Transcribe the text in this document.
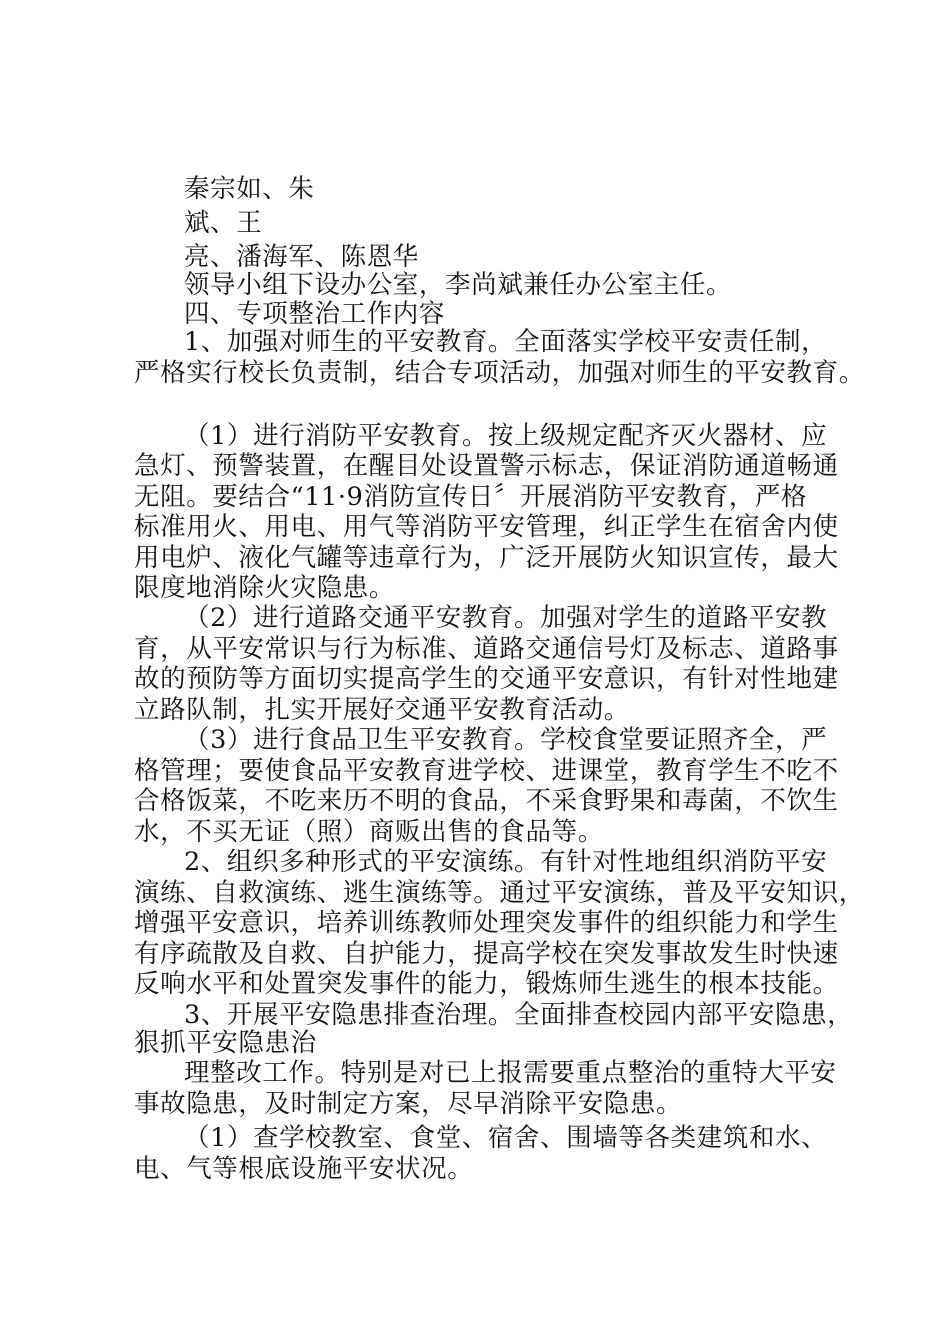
秦宗如、朱
斌、王
亮、潘海军、陈恩华
领导小组下设办公室，李尚斌兼任办公室主任。
四、专项整治工作内容
1、加强对师生的平安教育。全面落实学校平安责任制，
严格实行校长负责制，结合专项活动，加强对师生的平安教育。
（1）进行消防平安教育。按上级规定配齐灭火器材、应
急灯、预警装置，在醒目处设置警示标志，保证消防通道畅通
无阻。要结合“11·9消防宣传日〞开展消防平安教育，严格
标准用火、用电、用气等消防平安管理，纠正学生在宿舍内使
用电炉、液化气罐等违章行为，广泛开展防火知识宣传，最大
限度地消除火灾隐患。
（2）进行道路交通平安教育。加强对学生的道路平安教
育，从平安常识与行为标准、道路交通信号灯及标志、道路事
故的预防等方面切实提高学生的交通平安意识，有针对性地建
立路队制，扎实开展好交通平安教育活动。
（3）进行食品卫生平安教育。学校食堂要证照齐全，严
格管理；要使食品平安教育进学校、进课堂，教育学生不吃不
合格饭菜，不吃来历不明的食品，不采食野果和毒菌，不饮生
水，不买无证（照）商贩出售的食品等。
2、组织多种形式的平安演练。有针对性地组织消防平安
演练、自救演练、逃生演练等。通过平安演练，普及平安知识，
增强平安意识，培养训练教师处理突发事件的组织能力和学生
有序疏散及自救、自护能力，提高学校在突发事故发生时快速
反响水平和处置突发事件的能力，锻炼师生逃生的根本技能。
3、开展平安隐患排查治理。全面排查校园内部平安隐患，
狠抓平安隐患治
理整改工作。特别是对已上报需要重点整治的重特大平安
事故隐患，及时制定方案，尽早消除平安隐患。
（1）查学校教室、食堂、宿舍、围墙等各类建筑和水、
电、气等根底设施平安状况。
